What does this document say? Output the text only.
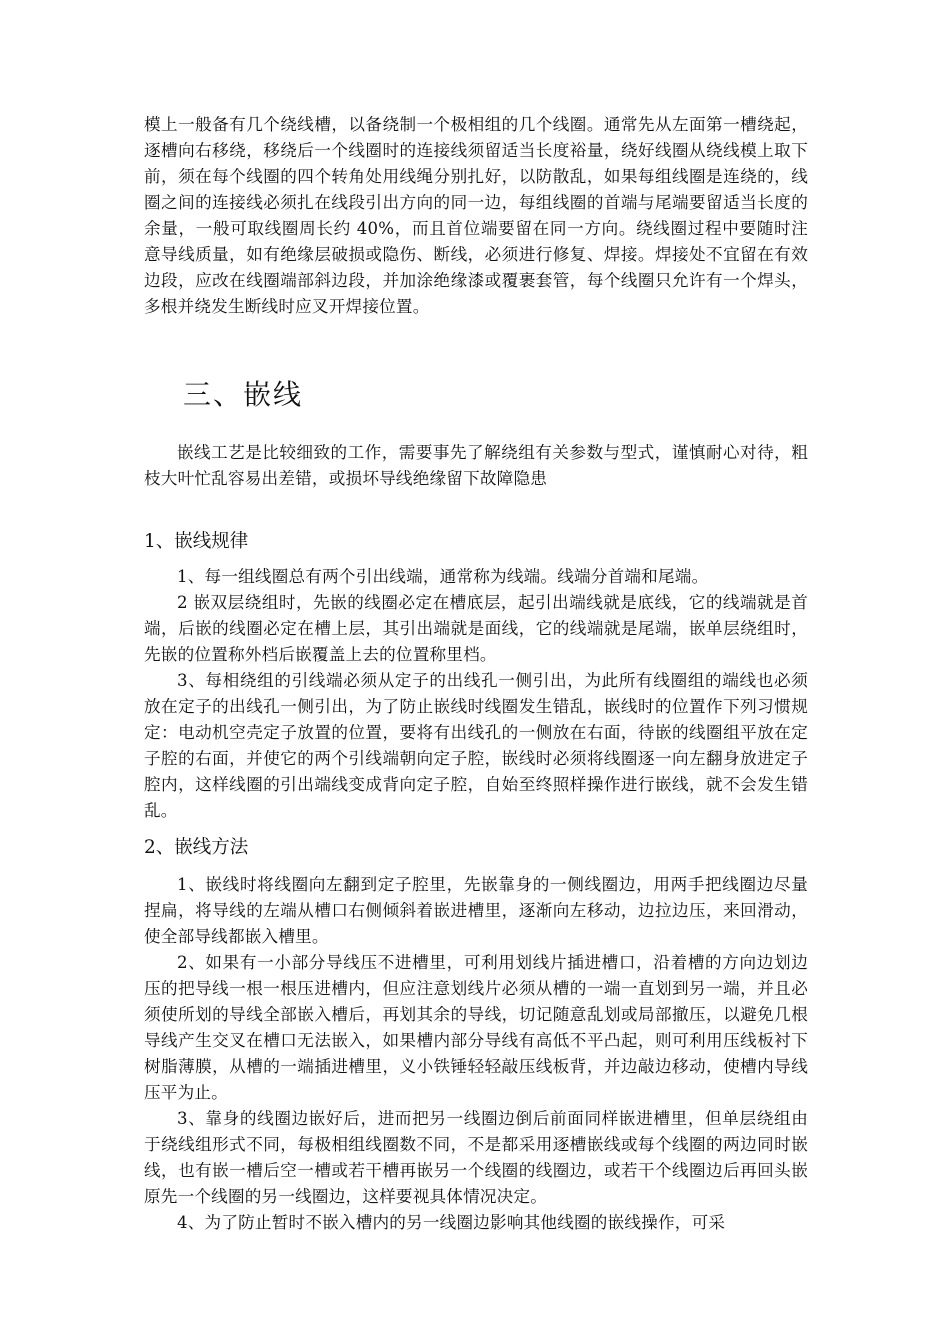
模上一般备有几个绕线槽，以备绕制一个极相组的几个线圈。通常先从左面第一槽绕起，逐槽向右移绕，移绕后一个线圈时的连接线须留适当长度裕量，绕好线圈从绕线模上取下前，须在每个线圈的四个转角处用线绳分别扎好，以防散乱，如果每组线圈是连绕的，线圈之间的连接线必须扎在线段引出方向的同一边，每组线圈的首端与尾端要留适当长度的余量，一般可取线圈周长约 40%，而且首位端要留在同一方向。绕线圈过程中要随时注意导线质量，如有绝缘层破损或隐伤、断线，必须进行修复、焊接。焊接处不宜留在有效边段，应改在线圈端部斜边段，并加涂绝缘漆或覆裹套管，每个线圈只允许有一个焊头，多根并绕发生断线时应叉开焊接位置。

三、嵌线

嵌线工艺是比较细致的工作，需要事先了解绕组有关参数与型式，谨慎耐心对待，粗枝大叶忙乱容易出差错，或损坏导线绝缘留下故障隐患

1、嵌线规律

1、每一组线圈总有两个引出线端，通常称为线端。线端分首端和尾端。

2 嵌双层绕组时，先嵌的线圈必定在槽底层，起引出端线就是底线，它的线端就是首端，后嵌的线圈必定在槽上层，其引出端就是面线，它的线端就是尾端，嵌单层绕组时，先嵌的位置称外档后嵌覆盖上去的位置称里档。

3、每相绕组的引线端必须从定子的出线孔一侧引出，为此所有线圈组的端线也必须放在定子的出线孔一侧引出，为了防止嵌线时线圈发生错乱，嵌线时的位置作下列习惯规定：电动机空壳定子放置的位置，要将有出线孔的一侧放在右面，待嵌的线圈组平放在定子腔的右面，并使它的两个引线端朝向定子腔，嵌线时必须将线圈逐一向左翻身放进定子腔内，这样线圈的引出端线变成背向定子腔，自始至终照样操作进行嵌线，就不会发生错乱。

2、嵌线方法

1、嵌线时将线圈向左翻到定子腔里，先嵌靠身的一侧线圈边，用两手把线圈边尽量捏扁，将导线的左端从槽口右侧倾斜着嵌进槽里，逐渐向左移动，边拉边压，来回滑动，使全部导线都嵌入槽里。

2、如果有一小部分导线压不进槽里，可利用划线片插进槽口，沿着槽的方向边划边压的把导线一根一根压进槽内，但应注意划线片必须从槽的一端一直划到另一端，并且必须使所划的导线全部嵌入槽后，再划其余的导线，切记随意乱划或局部撤压，以避免几根导线产生交叉在槽口无法嵌入，如果槽内部分导线有高低不平凸起，则可利用压线板衬下树脂薄膜，从槽的一端插进槽里，义小铁锤轻轻敲压线板背，并边敲边移动，使槽内导线压平为止。

3、靠身的线圈边嵌好后，进而把另一线圈边倒后前面同样嵌进槽里，但单层绕组由于绕线组形式不同，每极相组线圈数不同，不是都采用逐槽嵌线或每个线圈的两边同时嵌线，也有嵌一槽后空一槽或若干槽再嵌另一个线圈的线圈边，或若干个线圈边后再回头嵌原先一个线圈的另一线圈边，这样要视具体情况决定。

4、为了防止暂时不嵌入槽内的另一线圈边影响其他线圈的嵌线操作，可采
